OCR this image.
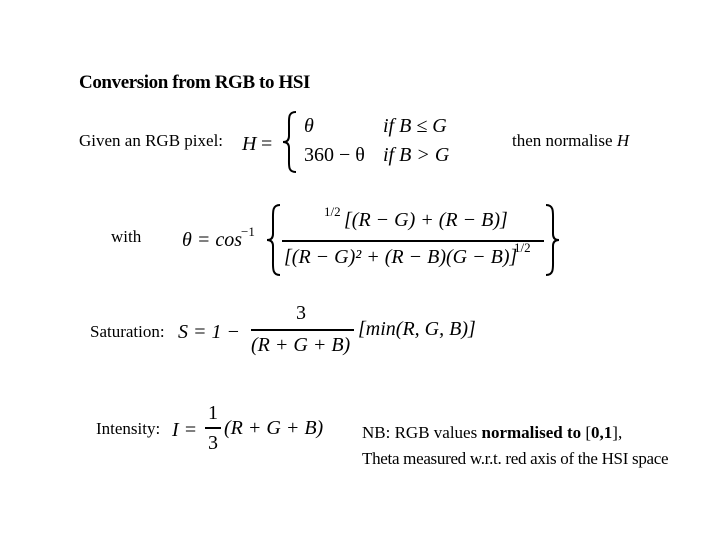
Conversion from RGB to HSI
Given an RGB pixel: H =
θ	if B ≤ G
360 − θ if B > G
then normalise H
with θ = cos −1
1/2 [(R − G) + (R − B)]
[(R − G)² + (R − B)(G − B)]
1/2
Saturation: S = 1 −
3
(R + G + B)
[min(R, G, B)]
Intensity: I =
1
3
(R + G + B) NB: RGB values normalised to [0,1],
Theta measured w.r.t. red axis of the HSI space
